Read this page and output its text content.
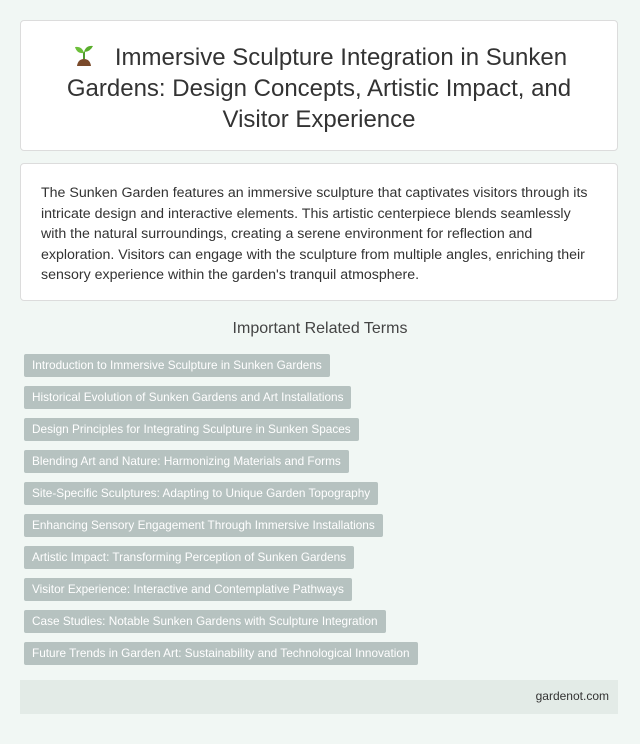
Immersive Sculpture Integration in Sunken Gardens: Design Concepts, Artistic Impact, and Visitor Experience

The Sunken Garden features an immersive sculpture that captivates visitors through its intricate design and interactive elements. This artistic centerpiece blends seamlessly with the natural surroundings, creating a serene environment for reflection and exploration. Visitors can engage with the sculpture from multiple angles, enriching their sensory experience within the garden's tranquil atmosphere.

Important Related Terms
Introduction to Immersive Sculpture in Sunken Gardens
Historical Evolution of Sunken Gardens and Art Installations
Design Principles for Integrating Sculpture in Sunken Spaces
Blending Art and Nature: Harmonizing Materials and Forms
Site-Specific Sculptures: Adapting to Unique Garden Topography
Enhancing Sensory Engagement Through Immersive Installations
Artistic Impact: Transforming Perception of Sunken Gardens
Visitor Experience: Interactive and Contemplative Pathways
Case Studies: Notable Sunken Gardens with Sculpture Integration
Future Trends in Garden Art: Sustainability and Technological Innovation
gardenot.com
